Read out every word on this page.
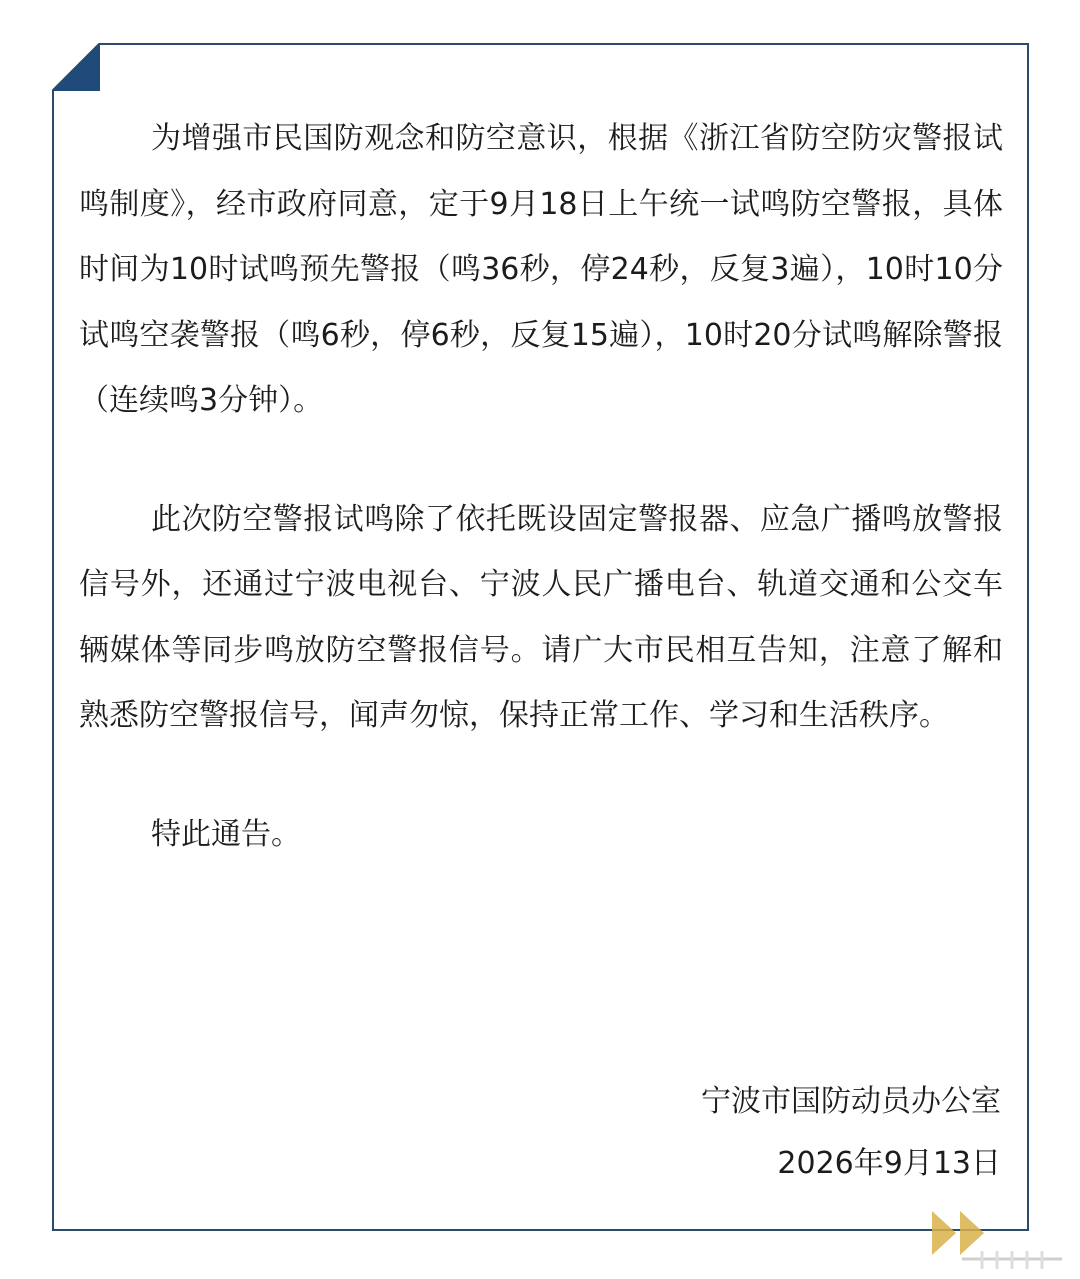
为增强市民国防观念和防空意识，根据《浙江省防空防灾警报试鸣制度》，经市政府同意，定于9月18日上午统一试鸣防空警报，具体时间为10时试鸣预先警报（鸣36秒，停24秒，反复3遍），10时10分试鸣空袭警报（鸣6秒，停6秒，反复15遍），10时20分试鸣解除警报（连续鸣3分钟）。

此次防空警报试鸣除了依托既设固定警报器、应急广播鸣放警报信号外，还通过宁波电视台、宁波人民广播电台、轨道交通和公交车辆媒体等同步鸣放防空警报信号。请广大市民相互告知，注意了解和熟悉防空警报信号，闻声勿惊，保持正常工作、学习和生活秩序。

特此通告。

宁波市国防动员办公室
2026年9月13日
